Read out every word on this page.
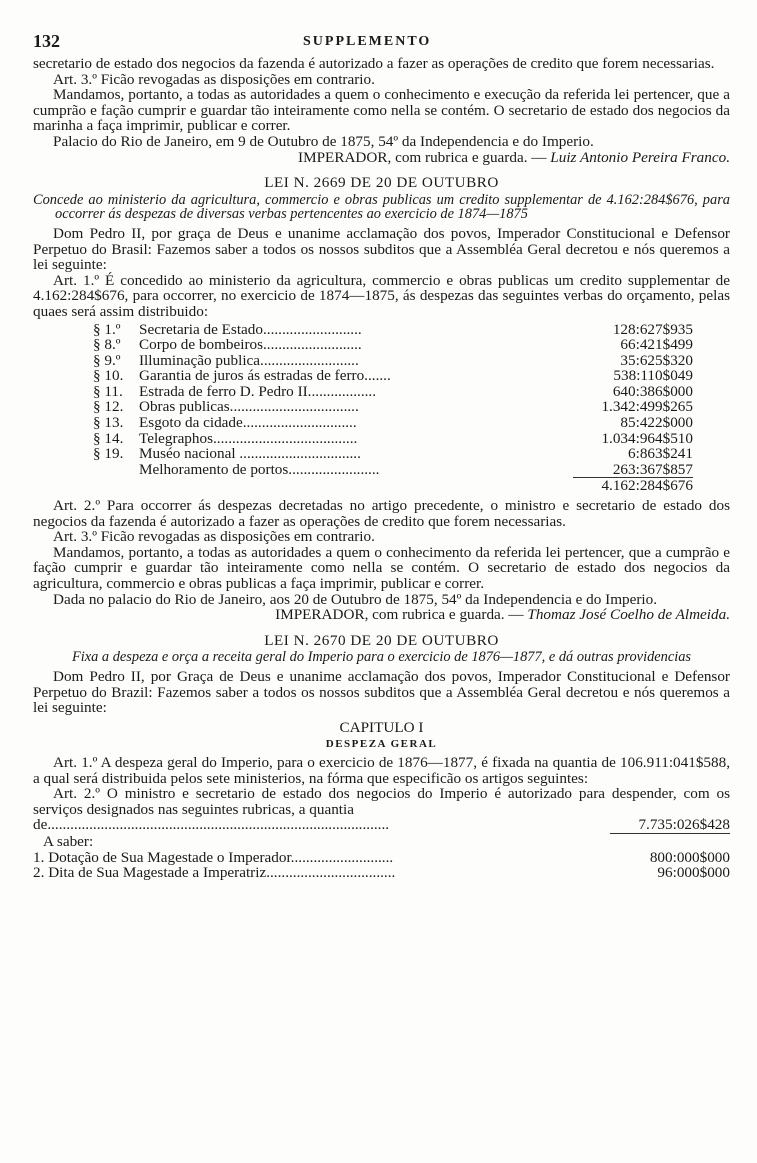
132	SUPPLEMENTO

secretario de estado dos negocios da fazenda é autorizado a fazer as operações de credito que forem necessarias.

Art. 3.º Ficão revogadas as disposições em contrario.

Mandamos, portanto, a todas as autoridades a quem o conhecimento e execução da referida lei pertencer, que a cumprão e fação cumprir e guardar tão inteiramente como nella se contém. O secretario de estado dos negocios da marinha a faça imprimir, publicar e correr.

Palacio do Rio de Janeiro, em 9 de Outubro de 1875, 54º da Independencia e do Imperio.

IMPERADOR, com rubrica e guarda. — Luiz Antonio Pereira Franco.

LEI N. 2669 DE 20 DE OUTUBRO

Concede ao ministerio da agricultura, commercio e obras publicas um credito supplementar de 4.162:284$676, para occorrer ás despezas de diversas verbas pertencentes ao exercicio de 1874—1875

Dom Pedro II, por graça de Deus e unanime acclamação dos povos, Imperador Constitucional e Defensor Perpetuo do Brasil: Fazemos saber a todos os nossos subditos que a Assembléa Geral decretou e nós queremos a lei seguinte:

Art. 1.º É concedido ao ministerio da agricultura, commercio e obras publicas um credito supplementar de 4.162:284$676, para occorrer, no exercicio de 1874—1875, ás despezas das seguintes verbas do orçamento, pelas quaes será assim distribuido:

§ 1.º	Secretaria de Estado..........................	128:627$935
§ 8.º	Corpo de bombeiros..........................	66:421$499
§ 9.º	Illuminação publica..........................	35:625$320
§ 10.	Garantia de juros ás estradas de ferro.......	538:110$049
§ 11.	Estrada de ferro D. Pedro II..................	640:386$000
§ 12.	Obras publicas..................................	1.342:499$265
§ 13.	Esgoto da cidade..............................	85:422$000
§ 14.	Telegraphos......................................	1.034:964$510
§ 19.	Muséo nacional ................................	6:863$241
Melhoramento de portos........................	263:367$857
4.162:284$676

Art. 2.º Para occorrer ás despezas decretadas no artigo precedente, o ministro e secretario de estado dos negocios da fazenda é autorizado a fazer as operações de credito que forem necessarias.

Art. 3.º Ficão revogadas as disposições em contrario.

Mandamos, portanto, a todas as autoridades a quem o conhecimento da referida lei pertencer, que a cumprão e fação cumprir e guardar tão inteiramente como nella se contém. O secretario de estado dos negocios da agricultura, commercio e obras publicas a faça imprimir, publicar e correr.

Dada no palacio do Rio de Janeiro, aos 20 de Outubro de 1875, 54º da Independencia e do Imperio.

IMPERADOR, com rubrica e guarda. — Thomaz José Coelho de Almeida.

LEI N. 2670 DE 20 DE OUTUBRO

Fixa a despeza e orça a receita geral do Imperio para o exercicio de 1876—1877, e dá outras providencias

Dom Pedro II, por Graça de Deus e unanime acclamação dos povos, Imperador Constitucional e Defensor Perpetuo do Brazil: Fazemos saber a todos os nossos subditos que a Assembléa Geral decretou e nós queremos a lei seguinte:

CAPITULO I
DESPEZA GERAL

Art. 1.º A despeza geral do Imperio, para o exercicio de 1876—1877, é fixada na quantia de 106.911:041$588, a qual será distribuida pelos sete ministerios, na fórma que especificão os artigos seguintes:

Art. 2.º O ministro e secretario de estado dos negocios do Imperio é autorizado para despender, com os serviços designados nas seguintes rubricas, a quantia

de..........................................................................................	7.735:026$428

A saber:

1. Dotação de Sua Magestade o Imperador...........................	800:000$000
2. Dita de Sua Magestade a Imperatriz..................................	96:000$000
